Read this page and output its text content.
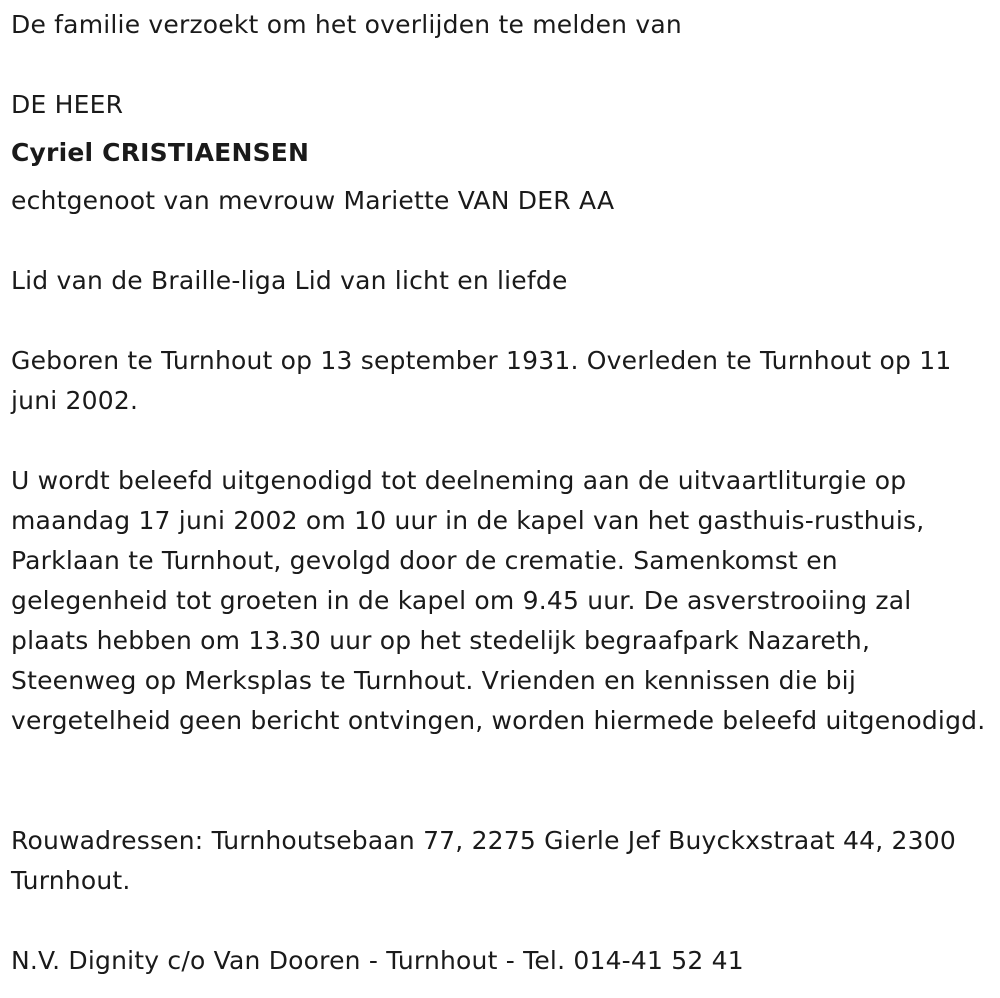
De familie verzoekt om het overlijden te melden van
DE HEER
Cyriel CRISTIAENSEN
echtgenoot van mevrouw Mariette VAN DER AA
Lid van de Braille-liga Lid van licht en liefde
Geboren te Turnhout op 13 september 1931. Overleden te Turnhout op 11 juni 2002.
U wordt beleefd uitgenodigd tot deelneming aan de uitvaartliturgie op maandag 17 juni 2002 om 10 uur in de kapel van het gasthuis-rusthuis, Parklaan te Turnhout, gevolgd door de crematie. Samenkomst en gelegenheid tot groeten in de kapel om 9.45 uur. De asverstrooiing zal plaats hebben om 13.30 uur op het stedelijk begraafpark Nazareth, Steenweg op Merksplas te Turnhout. Vrienden en kennissen die bij vergetelheid geen bericht ontvingen, worden hiermede beleefd uitgenodigd.
Rouwadressen: Turnhoutsebaan 77, 2275 Gierle Jef Buyckxstraat 44, 2300 Turnhout.
N.V. Dignity c/o Van Dooren - Turnhout - Tel. 014-41 52 41
